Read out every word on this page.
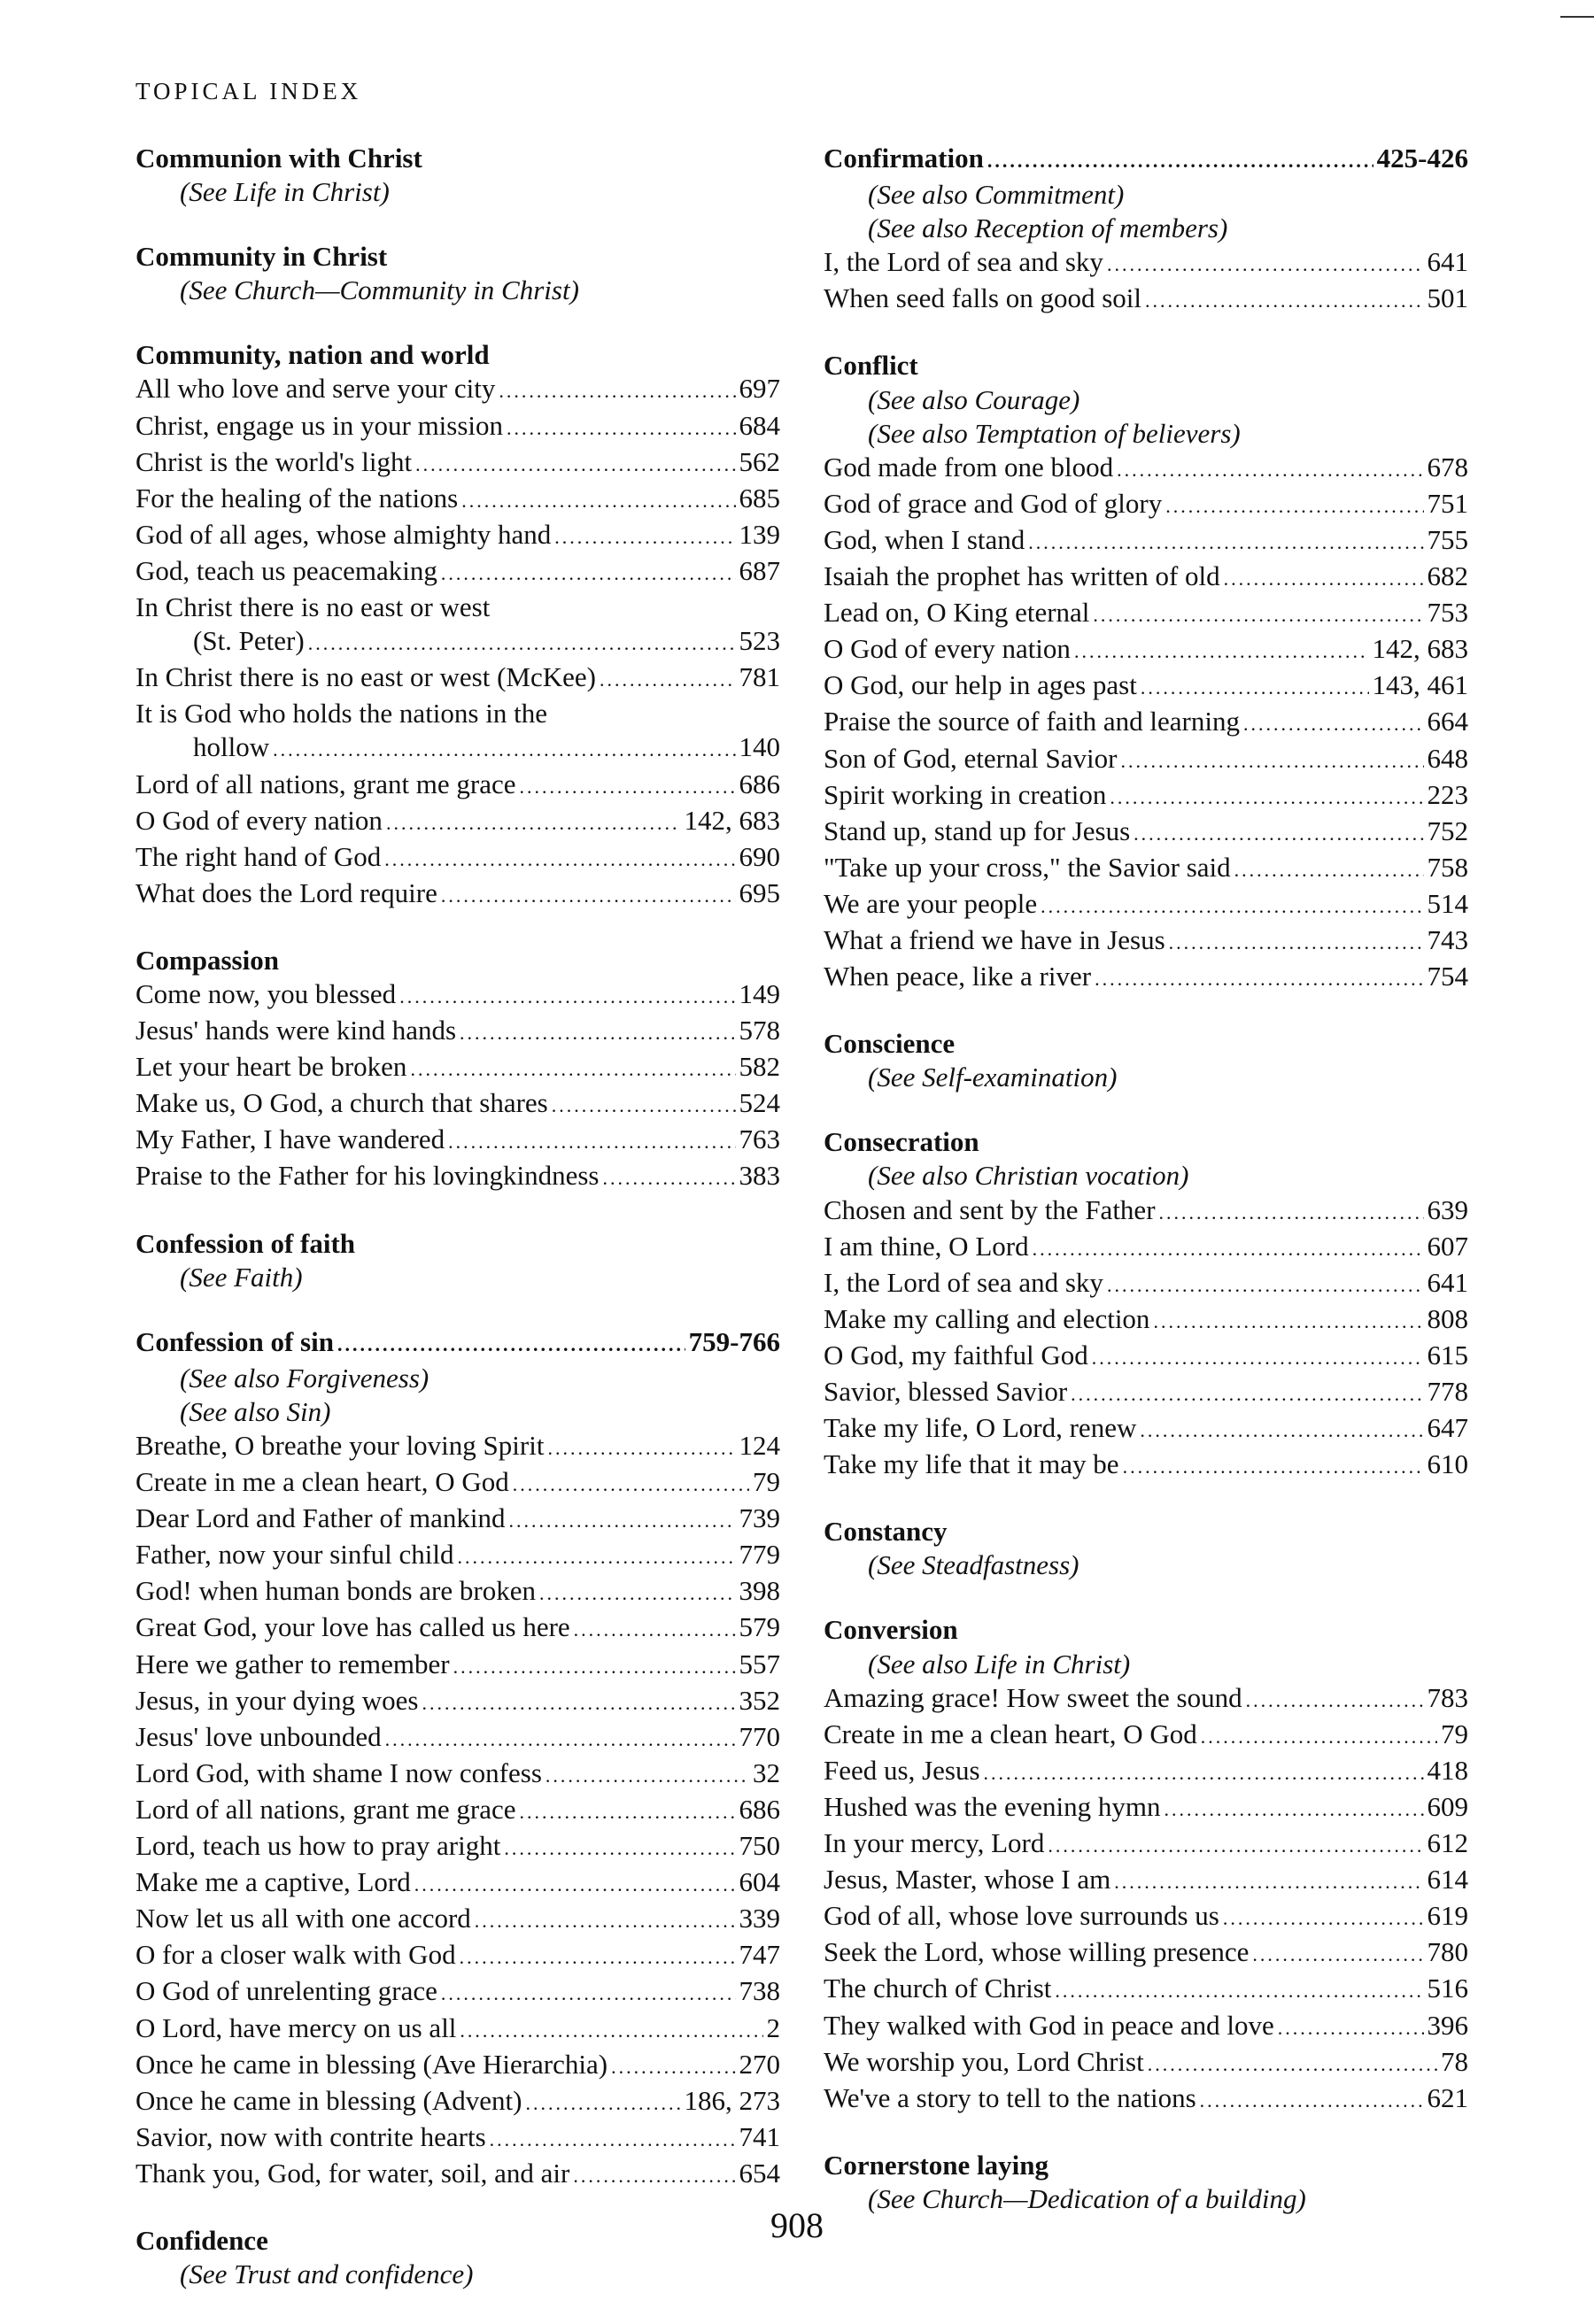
TOPICAL INDEX
Communion with Christ
(See Life in Christ)
Community in Christ
(See Church—Community in Christ)
Community, nation and world
All who love and serve your city .....	697
Christ, engage us in your mission .....	684
Christ is the world's light .....	562
For the healing of the nations .....	685
God of all ages, whose almighty hand .....	139
God, teach us peacemaking .....	687
In Christ there is no east or west
(St. Peter) .....	523
In Christ there is no east or west (McKee) .....	781
It is God who holds the nations in the
hollow .....	140
Lord of all nations, grant me grace .....	686
O God of every nation .....	142, 683
The right hand of God .....	690
What does the Lord require .....	695
Compassion
Come now, you blessed .....	149
Jesus' hands were kind hands .....	578
Let your heart be broken .....	582
Make us, O God, a church that shares .....	524
My Father, I have wandered .....	763
Praise to the Father for his lovingkindness .....	383
Confession of faith
(See Faith)
Confession of sin .....	759-766
(See also Forgiveness)
(See also Sin)
Breathe, O breathe your loving Spirit .....	124
Create in me a clean heart, O God .....	79
Dear Lord and Father of mankind .....	739
Father, now your sinful child .....	779
God! when human bonds are broken .....	398
Great God, your love has called us here .....	579
Here we gather to remember .....	557
Jesus, in your dying woes .....	352
Jesus' love unbounded .....	770
Lord God, with shame I now confess .....	32
Lord of all nations, grant me grace .....	686
Lord, teach us how to pray aright .....	750
Make me a captive, Lord .....	604
Now let us all with one accord .....	339
O for a closer walk with God .....	747
O God of unrelenting grace .....	738
O Lord, have mercy on us all .....	2
Once he came in blessing (Ave Hierarchia) .....	270
Once he came in blessing (Advent) .....	186, 273
Savior, now with contrite hearts .....	741
Thank you, God, for water, soil, and air .....	654
Confidence
(See Trust and confidence)
Confirmation .....	425-426
(See also Commitment)
(See also Reception of members)
I, the Lord of sea and sky .....	641
When seed falls on good soil .....	501
Conflict
(See also Courage)
(See also Temptation of believers)
God made from one blood .....	678
God of grace and God of glory .....	751
God, when I stand .....	755
Isaiah the prophet has written of old .....	682
Lead on, O King eternal .....	753
O God of every nation .....	142, 683
O God, our help in ages past .....	143, 461
Praise the source of faith and learning .....	664
Son of God, eternal Savior .....	648
Spirit working in creation .....	223
Stand up, stand up for Jesus .....	752
"Take up your cross," the Savior said .....	758
We are your people .....	514
What a friend we have in Jesus .....	743
When peace, like a river .....	754
Conscience
(See Self-examination)
Consecration
(See also Christian vocation)
Chosen and sent by the Father .....	639
I am thine, O Lord .....	607
I, the Lord of sea and sky .....	641
Make my calling and election .....	808
O God, my faithful God .....	615
Savior, blessed Savior .....	778
Take my life, O Lord, renew .....	647
Take my life that it may be .....	610
Constancy
(See Steadfastness)
Conversion
(See also Life in Christ)
Amazing grace! How sweet the sound .....	783
Create in me a clean heart, O God .....	79
Feed us, Jesus .....	418
Hushed was the evening hymn .....	609
In your mercy, Lord .....	612
Jesus, Master, whose I am .....	614
God of all, whose love surrounds us .....	619
Seek the Lord, whose willing presence .....	780
The church of Christ .....	516
They walked with God in peace and love .....	396
We worship you, Lord Christ .....	78
We've a story to tell to the nations .....	621
Cornerstone laying
(See Church—Dedication of a building)
908
